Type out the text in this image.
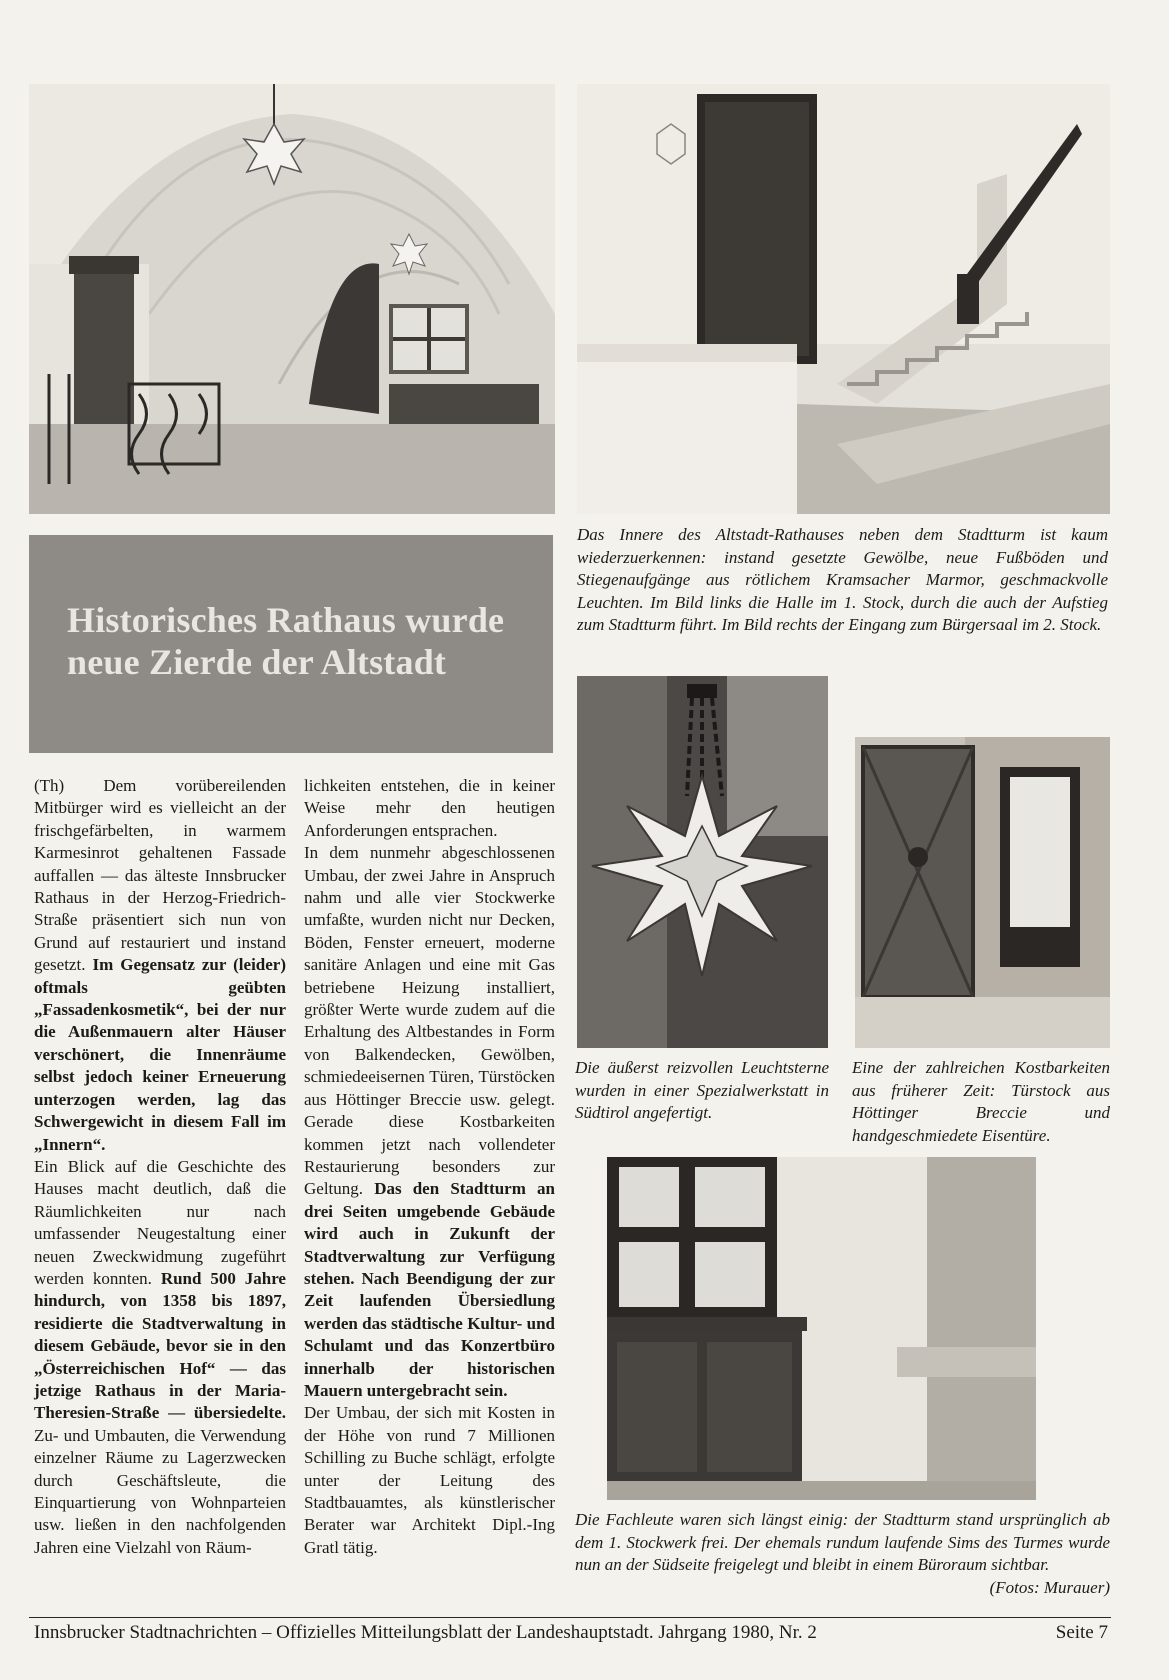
Historisches Rathaus wurde
neue Zierde der Altstadt
Das Innere des Altstadt-Rathauses neben dem Stadtturm ist kaum wiederzuerkennen: instand gesetzte Gewölbe, neue Fußböden und Stiegenaufgänge aus rötlichem Kramsacher Marmor, geschmackvolle Leuchten. Im Bild links die Halle im 1. Stock, durch die auch der Aufstieg zum Stadtturm führt. Im Bild rechts der Eingang zum Bürgersaal im 2. Stock.
Die äußerst reizvollen Leuchtsterne wurden in einer Spezialwerkstatt in Südtirol angefertigt.
Eine der zahlreichen Kostbarkeiten aus früherer Zeit: Türstock aus Höttinger Breccie und handgeschmiedete Eisentüre.
Die Fachleute waren sich längst einig: der Stadtturm stand ursprünglich ab dem 1. Stockwerk frei. Der ehemals rundum laufende Sims des Turmes wurde nun an der Südseite freigelegt und bleibt in einem Büroraum sichtbar.
(Fotos: Murauer)

(Th) Dem vorübereilenden Mitbürger wird es vielleicht an der frischgefärbelten, in warmem Karmesinrot gehaltenen Fassade auffallen — das älteste Innsbrucker Rathaus in der Herzog-Friedrich-Straße präsentiert sich nun von Grund auf restauriert und instand gesetzt. Im Gegensatz zur (leider) oftmals geübten „Fassadenkosmetik“, bei der nur die Außenmauern alter Häuser verschönert, die Innenräume selbst jedoch keiner Erneuerung unterzogen werden, lag das Schwergewicht in diesem Fall im „Innern“.

Ein Blick auf die Geschichte des Hauses macht deutlich, daß die Räumlichkeiten nur nach umfassender Neugestaltung einer neuen Zweckwidmung zugeführt werden konnten. Rund 500 Jahre hindurch, von 1358 bis 1897, residierte die Stadtverwaltung in diesem Gebäude, bevor sie in den „Österreichischen Hof“ — das jetzige Rathaus in der Maria-Theresien-Straße — übersiedelte. Zu- und Umbauten, die Verwendung einzelner Räume zu Lagerzwecken durch Geschäftsleute, die Einquartierung von Wohnparteien usw. ließen in den nachfolgenden Jahren eine Vielzahl von Räum-

lichkeiten entstehen, die in keiner Weise mehr den heutigen Anforderungen entsprachen.

In dem nunmehr abgeschlossenen Umbau, der zwei Jahre in Anspruch nahm und alle vier Stockwerke umfaßte, wurden nicht nur Decken, Böden, Fenster erneuert, moderne sanitäre Anlagen und eine mit Gas betriebene Heizung installiert, größter Werte wurde zudem auf die Erhaltung des Altbestandes in Form von Balkendecken, Gewölben, schmiedeeisernen Türen, Türstöcken aus Höttinger Breccie usw. gelegt. Gerade diese Kostbarkeiten kommen jetzt nach vollendeter Restaurierung besonders zur Geltung. Das den Stadtturm an drei Seiten umgebende Gebäude wird auch in Zukunft der Stadtverwaltung zur Verfügung stehen. Nach Beendigung der zur Zeit laufenden Übersiedlung werden das städtische Kultur- und Schulamt und das Konzertbüro innerhalb der historischen Mauern untergebracht sein.

Der Umbau, der sich mit Kosten in der Höhe von rund 7 Millionen Schilling zu Buche schlägt, erfolgte unter der Leitung des Stadtbauamtes, als künstlerischer Berater war Architekt Dipl.-Ing Gratl tätig.

Innsbrucker Stadtnachrichten – Offizielles Mitteilungsblatt der Landeshauptstadt. Jahrgang 1980, Nr. 2	Seite 7
